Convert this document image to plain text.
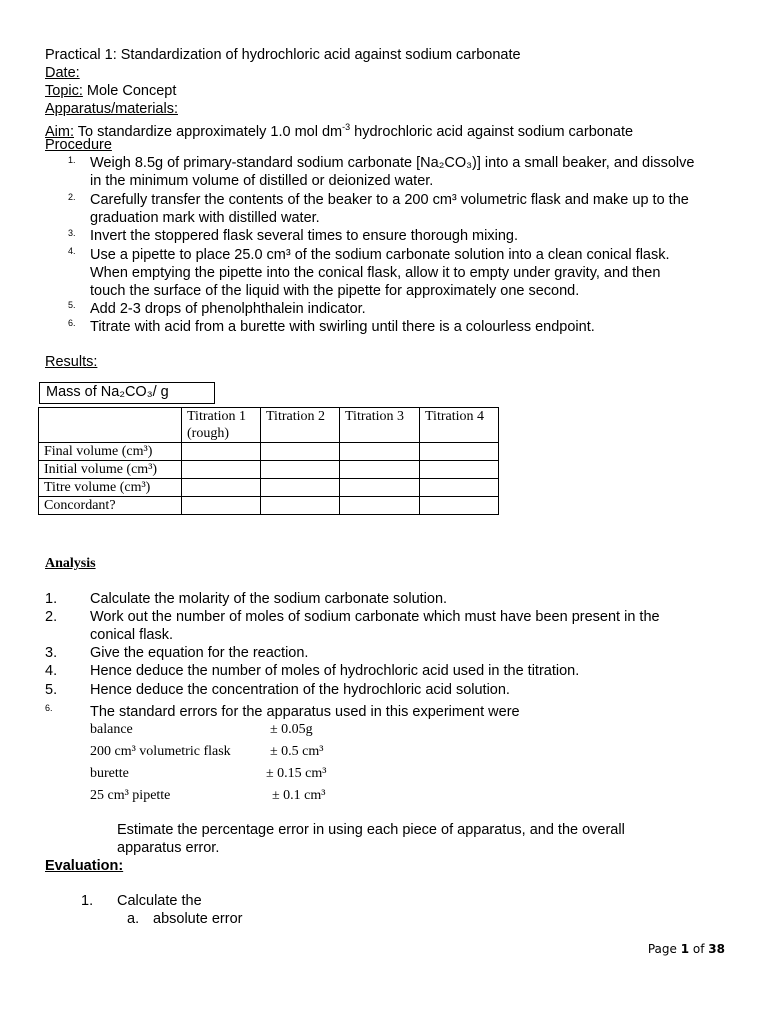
Practical 1: Standardization of hydrochloric acid against sodium carbonate
Date:
Topic: Mole Concept
Apparatus/materials:
Aim: To standardize approximately 1.0 mol $dm^{-3}$ hydrochloric acid against sodium carbonate
Procedure
1. Weigh 8.5g of primary-standard sodium carbonate [Na₂CO₃)] into a small beaker, and dissolve
in the minimum volume of distilled or deionized water.
2. Carefully transfer the contents of the beaker to a 200 cm³ volumetric flask and make up to the
graduation mark with distilled water.
3. Invert the stoppered flask several times to ensure thorough mixing.
4. Use a pipette to place 25.0 cm³ of the sodium carbonate solution into a clean conical flask.
When emptying the pipette into the conical flask, allow it to empty under gravity, and then
touch the surface of the liquid with the pipette for approximately one second.
5. Add 2-3 drops of phenolphthalein indicator.
6. Titrate with acid from a burette with swirling until there is a colourless endpoint.
Results:
Mass of Na₂CO₃/ g
	Titration 1
(rough)	Titration 2	Titration 3	Titration 4
Final volume (cm³)				
Initial volume (cm³)				
Titre volume (cm³)				
Concordant?				
Analysis
1. Calculate the molarity of the sodium carbonate solution.
2. Work out the number of moles of sodium carbonate which must have been present in the
conical flask.
3. Give the equation for the reaction.
4. Hence deduce the number of moles of hydrochloric acid used in the titration.
5. Hence deduce the concentration of the hydrochloric acid solution.
6.	The standard errors for the apparatus used in this experiment were
balance	± 0.05g
200 cm³ volumetric flask	± 0.5 cm³
burette	± 0.15 cm³
25 cm³ pipette	± 0.1 cm³
Estimate the percentage error in using each piece of apparatus, and the overall
apparatus error.
Evaluation:
1. Calculate the
a. absolute error
Page 1 of 38
